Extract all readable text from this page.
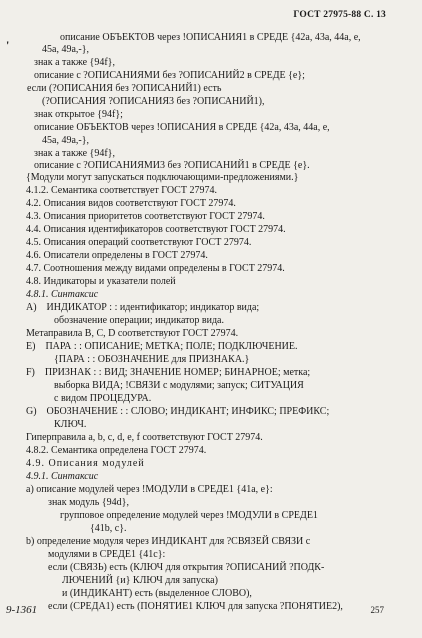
ГОСТ 27975-88 С. 13
'
описание ОБЪЕКТОВ через !ОПИСАНИЯ1 в СРЕДЕ {42а, 43а, 44а, е,
45а, 49а,-},
знак а также {94f},
описание с ?ОПИСАНИЯМИ без ?ОПИСАНИЙ2 в СРЕДЕ {е};
если (?ОПИСАНИЯ без ?ОПИСАНИЙ1) есть
(?ОПИСАНИЯ ?ОПИСАНИЯ3 без ?ОПИСАНИЙ1),
знак открытое {94f};
описание ОБЪЕКТОВ через !ОПИСАНИЯ в СРЕДЕ {42а, 43а, 44а, е,
45а, 49а,-},
знак а также {94f},
описание с ?ОПИСАНИЯМИ3 без ?ОПИСАНИЙ1 в СРЕДЕ {е}.
{Модули могут запускаться подключающими-предложениями.}
4.1.2. Семантика соответствует ГОСТ 27974.
4.2. Описания видов соответствуют ГОСТ 27974.
4.3. Описания приоритетов соответствуют ГОСТ 27974.
4.4. Описания идентификаторов соответствуют ГОСТ 27974.
4.5. Описания операций соответствуют ГОСТ 27974.
4.6. Описатели определены в ГОСТ 27974.
4.7. Соотношения между видами определены в ГОСТ 27974.
4.8. Индикаторы и указатели полей
4.8.1. Синтаксис
А)    ИНДИКАТОР : : идентификатор; индикатор вида;
обозначение операции; индикатор вида.
Метаправила В, С, D соответствуют ГОСТ 27974.
Е)    ПАРА : : ОПИСАНИЕ; МЕТКА; ПОЛЕ; ПОДКЛЮЧЕНИЕ.
{ПАРА : : ОБОЗНАЧЕНИЕ для ПРИЗНАКА.}
F)    ПРИЗНАК : : ВИД; ЗНАЧЕНИЕ НОМЕР; БИНАРНОЕ; метка;
выборка ВИДА; !СВЯЗИ с модулями; запуск; СИТУАЦИЯ
с видом ПРОЦЕДУРА.
G)    ОБОЗНАЧЕНИЕ : : СЛОВО; ИНДИКАНТ; ИНФИКС; ПРЕФИКС;
КЛЮЧ.
Гиперправила a, b, c, d, e, f соответствуют ГОСТ 27974.
4.8.2. Семантика определена ГОСТ 27974.
4.9. Описания модулей
4.9.1. Синтаксис
а) описание модулей через !МОДУЛИ в СРЕДЕ1 {41a, e}:
знак модуль {94d},
групповое определение модулей через !МОДУЛИ в СРЕДЕ1
{41b, c}.
b) определение модуля через ИНДИКАНТ для ?СВЯЗЕЙ СВЯЗИ с
модулями в СРЕДЕ1 {41c}:
если (СВЯЗЬ) есть (КЛЮЧ для открытия ?ОПИСАНИЙ ?ПОДК-
ЛЮЧЕНИЙ {и} КЛЮЧ для запуска)
и (ИНДИКАНТ) есть (выделенное СЛОВО),
если (СРЕДА1) есть (ПОНЯТИЕ1 КЛЮЧ для запуска ?ПОНЯТИЕ2),
9-1361	257
